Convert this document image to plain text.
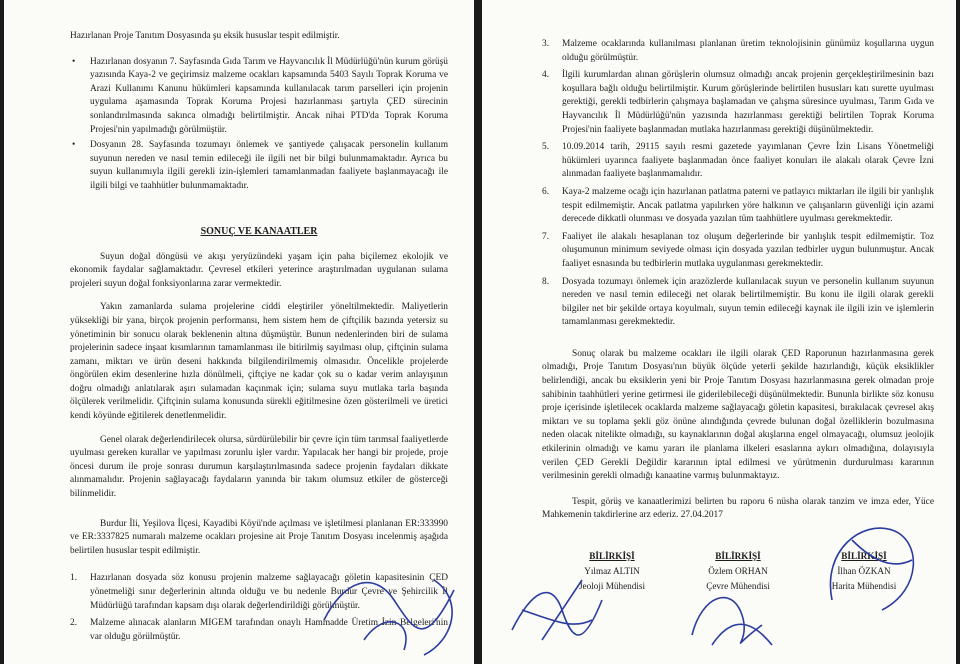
Hazırlanan Proje Tanıtım Dosyasında şu eksik hususlar tespit edilmiştir.

• Hazırlanan dosyanın 7. Sayfasında Gıda Tarım ve Hayvancılık İl Müdürlüğü'nün kurum görüşü yazısında Kaya-2 ve geçirimsiz malzeme ocakları kapsamında 5403 Sayılı Toprak Koruma ve Arazi Kullanımı Kanunu hükümleri kapsamında kullanılacak tarım parselleri için projenin uygulama aşamasında Toprak Koruma Projesi hazırlanması şartıyla ÇED sürecinin sonlandırılmasında sakınca olmadığı belirtilmiştir. Ancak nihai PTD'da Toprak Koruma Projesi'nin yapılmadığı görülmüştür.

• Dosyanın 28. Sayfasında tozumayı önlemek ve şantiyede çalışacak personelin kullanım suyunun nereden ve nasıl temin edileceği ile ilgili net bir bilgi bulunmamaktadır. Ayrıca bu suyun kullanımıyla ilgili gerekli izin-işlemleri tamamlanmadan faaliyete başlanmayacağı ile ilgili bilgi ve taahhütler bulunmamaktadır.

SONUÇ VE KANAATLER

Suyun doğal döngüsü ve akışı yeryüzündeki yaşam için paha biçilemez ekolojik ve ekonomik faydalar sağlamaktadır. Çevresel etkileri yeterince araştırılmadan uygulanan sulama projeleri suyun doğal fonksiyonlarına zarar vermektedir.

Yakın zamanlarda sulama projelerine ciddi eleştiriler yöneltilmektedir. Maliyetlerin yüksekliği bir yana, birçok projenin performansı, hem sistem hem de çiftçilik bazında yetersiz su yönetiminin bir sonucu olarak beklenenin altına düşmüştür. Bunun nedenlerinden biri de sulama projelerinin sadece inşaat kısımlarının tamamlanması ile bitirilmiş sayılması olup, çiftçinin sulama zamanı, miktarı ve ürün deseni hakkında bilgilendirilmemiş olmasıdır. Öncelikle projelerde öngörülen ekim desenlerine hızla dönülmeli, çiftçiye ne kadar çok su o kadar verim anlayışının doğru olmadığı anlatılarak aşırı sulamadan kaçınmak için; sulama suyu mutlaka tarla başında ölçülerek verilmelidir. Çiftçinin sulama konusunda sürekli eğitilmesine özen gösterilmeli ve üretici kendi köyünde eğitilerek denetlenmelidir.

Genel olarak değerlendirilecek olursa, sürdürülebilir bir çevre için tüm tarımsal faaliyetlerde uyulması gereken kurallar ve yapılması zorunlu işler vardır. Yapılacak her hangi bir projede, proje öncesi durum ile proje sonrası durumun karşılaştırılmasında sadece projenin faydaları dikkate alınmamalıdır. Projenin sağlayacağı faydaların yanında bir takım olumsuz etkiler de gösterceği bilinmelidir.

Burdur İli, Yeşilova İlçesi, Kayadibi Köyü'nde açılması ve işletilmesi planlanan ER:333990 ve ER:3337825 numaralı malzeme ocakları projesine ait Proje Tanıtım Dosyası incelenmiş aşağıda belirtilen hususlar tespit edilmiştir.

1. Hazırlanan dosyada söz konusu projenin malzeme sağlayacağı göletin kapasitesinin ÇED yönetmeliği sınır değerlerinin altında olduğu ve bu nedenle Burdur Çevre ve Şehircilik İl Müdürlüğü tarafından kapsam dışı olarak değerlendirildiği görülmüştür.
2. Malzeme alınacak alanların MIGEM tarafından onaylı Hammadde Üretim İzin Belgeleri'nin var olduğu görülmüştür.
3. Malzeme ocaklarında kullanılması planlanan üretim teknolojisinin günümüz koşullarına uygun olduğu görülmüştür.
4. İlgili kurumlardan alınan görüşlerin olumsuz olmadığı ancak projenin gerçekleştirilmesinin bazı koşullara bağlı olduğu belirtilmiştir. Kurum görüşlerinde belirtilen hususları katı surette uyulması gerektiği, gerekli tedbirlerin çalışmaya başlamadan ve çalışma süresince uyulması, Tarım Gıda ve Hayvancılık İl Müdürlüğü'nün yazısında hazırlanması gerektiği belirtilen Toprak Koruma Projesi'nin faaliyete başlanmadan mutlaka hazırlanması gerektiği düşünülmektedir.
5. 10.09.2014 tarih, 29115 sayılı resmi gazetede yayımlanan Çevre İzin Lisans Yönetmeliği hükümleri uyarınca faaliyete başlanmadan önce faaliyet konuları ile alakalı olarak Çevre İzni alınmadan faaliyete başlanmamalıdır.
6. Kaya-2 malzeme ocağı için hazırlanan patlatma paterni ve patlayıcı miktarları ile ilgili bir yanlışlık tespit edilmemiştir. Ancak patlatma yapılırken yöre halkının ve çalışanların güvenliği için azami derecede dikkatli olunması ve dosyada yazılan tüm taahhütlere uyulması gerekmektedir.
7. Faaliyet ile alakalı hesaplanan toz oluşum değerlerinde bir yanlışlık tespit edilmemiştir. Toz oluşumunun minimum seviyede olması için dosyada yazılan tedbirler uygun bulunmuştur. Ancak faaliyet esnasında bu tedbirlerin mutlaka uygulanması gerekmektedir.
8. Dosyada tozumayı önlemek için arazözlerde kullanılacak suyun ve personelin kullanım suyunun nereden ve nasıl temin edileceği net olarak belirtilmemiştir. Bu konu ile ilgili olarak gerekli bilgiler net bir şekilde ortaya koyulmalı, suyun temin edileceği kaynak ile ilgili izin ve işlemlerin tamamlanması gerekmektedir.

Sonuç olarak bu malzeme ocakları ile ilgili olarak ÇED Raporunun hazırlanmasına gerek olmadığı, Proje Tanıtım Dosyası'nın büyük ölçüde yeterli şekilde hazırlandığı, küçük eksiklikler belirlendiği, ancak bu eksiklerin yeni bir Proje Tanıtım Dosyası hazırlanmasına gerek olmadan proje sahibinin taahhütleri yerine getirmesi ile giderilebileceği düşünülmektedir. Bununla birlikte söz konusu proje içerisinde işletilecek ocaklarda malzeme sağlayacağı göletin kapasitesi, bırakılacak çevresel akış miktarı ve su toplama şekli göz önüne alındığında çevrede bulunan doğal özelliklerin bozulmasına neden olacak nitelikte olmadığı, su kaynaklarının doğal akışlarına engel olmayacağı, olumsuz jeolojik etkilerinin olmadığı ve kamu yararı ile planlama ilkeleri esaslarına aykırı olmadığına, dolayısıyla verilen ÇED Gerekli Değildir kararının iptal edilmesi ve yürütmenin durdurulması kararının verilmesinin gerekli olmadığı kanaatine varmış bulunmaktayız.

Tespit, görüş ve kanaatlerimizi belirten bu raporu 6 nüsha olarak tanzim ve imza eder, Yüce Mahkemenin takdirlerine arz ederiz. 27.04.2017

BİLİRKİŞİ
Yılmaz ALTIN
Jeoloji Mühendisi
BİLİRKİŞİ
Özlem ORHAN
Çevre Mühendisi
BİLİRKİŞİ
İlhan ÖZKAN
Harita Mühendisi
